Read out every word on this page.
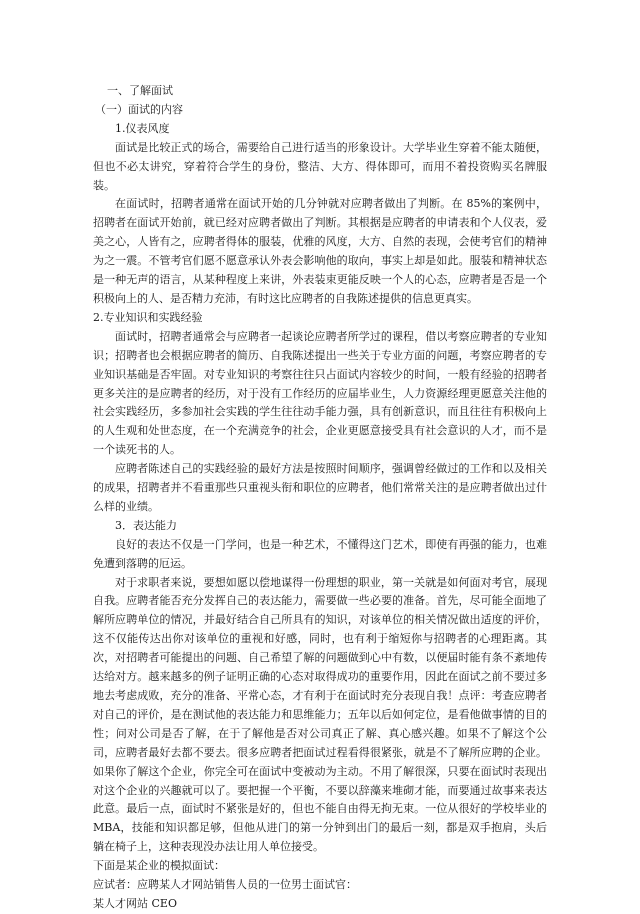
一、了解面试

（一）面试的内容

1.仪表风度

面试是比较正式的场合，需要给自己进行适当的形象设计。大学毕业生穿着不能太随便，但也不必太讲究，穿着符合学生的身份，整洁、大方、得体即可，而用不着投资购买名牌服装。

在面试时，招聘者通常在面试开始的几分钟就对应聘者做出了判断。在 85%的案例中，招聘者在面试开始前，就已经对应聘者做出了判断。其根据是应聘者的申请表和个人仪表，爱美之心，人皆有之，应聘者得体的服装，优雅的风度，大方、自然的表现，会使考官们的精神为之一震。不管考官们愿不愿意承认外表会影响他的取向，事实上却是如此。服装和精神状态是一种无声的语言，从某种程度上来讲，外表装束更能反映一个人的心态，应聘者是否是一个积极向上的人、是否精力充沛，有时这比应聘者的自我陈述提供的信息更真实。

2.专业知识和实践经验

面试时，招聘者通常会与应聘者一起谈论应聘者所学过的课程，借以考察应聘者的专业知识；招聘者也会根据应聘者的简历、自我陈述提出一些关于专业方面的问题，考察应聘者的专业知识基础是否牢固。对专业知识的考察往往只占面试内容较少的时间，一般有经验的招聘者更多关注的是应聘者的经历，对于没有工作经历的应届毕业生，人力资源经理更愿意关注他的社会实践经历，多参加社会实践的学生往往动手能力强，具有创新意识，而且往往有积极向上的人生观和处世态度，在一个充满竞争的社会，企业更愿意接受具有社会意识的人才，而不是一个读死书的人。

应聘者陈述自己的实践经验的最好方法是按照时间顺序，强调曾经做过的工作和以及相关的成果，招聘者并不看重那些只重视头衔和职位的应聘者，他们常常关注的是应聘者做出过什么样的业绩。

3．表达能力

良好的表达不仅是一门学问，也是一种艺术，不懂得这门艺术，即使有再强的能力，也难免遭到落聘的厄运。

对于求职者来说，要想如愿以偿地谋得一份理想的职业，第一关就是如何面对考官，展现自我。应聘者能否充分发挥自己的表达能力，需要做一些必要的准备。首先，尽可能全面地了解所应聘单位的情况，并最好结合自己所具有的知识，对该单位的相关情况做出适度的评价，这不仅能传达出你对该单位的重视和好感，同时，也有利于缩短你与招聘者的心理距离。其次，对招聘者可能提出的问题、自己希望了解的问题做到心中有数，以便届时能有条不紊地传达给对方。越来越多的例子证明正确的心态对取得成功的重要作用，因此在面试之前不要过多地去考虑成败，充分的准备、平常心态，才有利于在面试时充分表现自我！点评：考查应聘者对自己的评价，是在测试他的表达能力和思维能力；五年以后如何定位，是看他做事情的目的性；问对公司是否了解，在于了解他是否对公司真正了解、真心感兴趣。如果不了解这个公司，应聘者最好去都不要去。很多应聘者把面试过程看得很紧张，就是不了解所应聘的企业。如果你了解这个企业，你完全可在面试中变被动为主动。不用了解很深，只要在面试时表现出对这个企业的兴趣就可以了。要把握一个平衡，不要以辞藻来堆砌才能，而要通过故事来表达此意。最后一点，面试时不紧张是好的，但也不能自由得无拘无束。一位从很好的学校毕业的 MBA，技能和知识都足够，但他从进门的第一分钟到出门的最后一刻，都是双手抱肩，头后躺在椅子上，这种表现没办法让用人单位接受。

下面是某企业的模拟面试：

应试者：应聘某人才网站销售人员的一位男士面试官：

某人才网站 CEO
